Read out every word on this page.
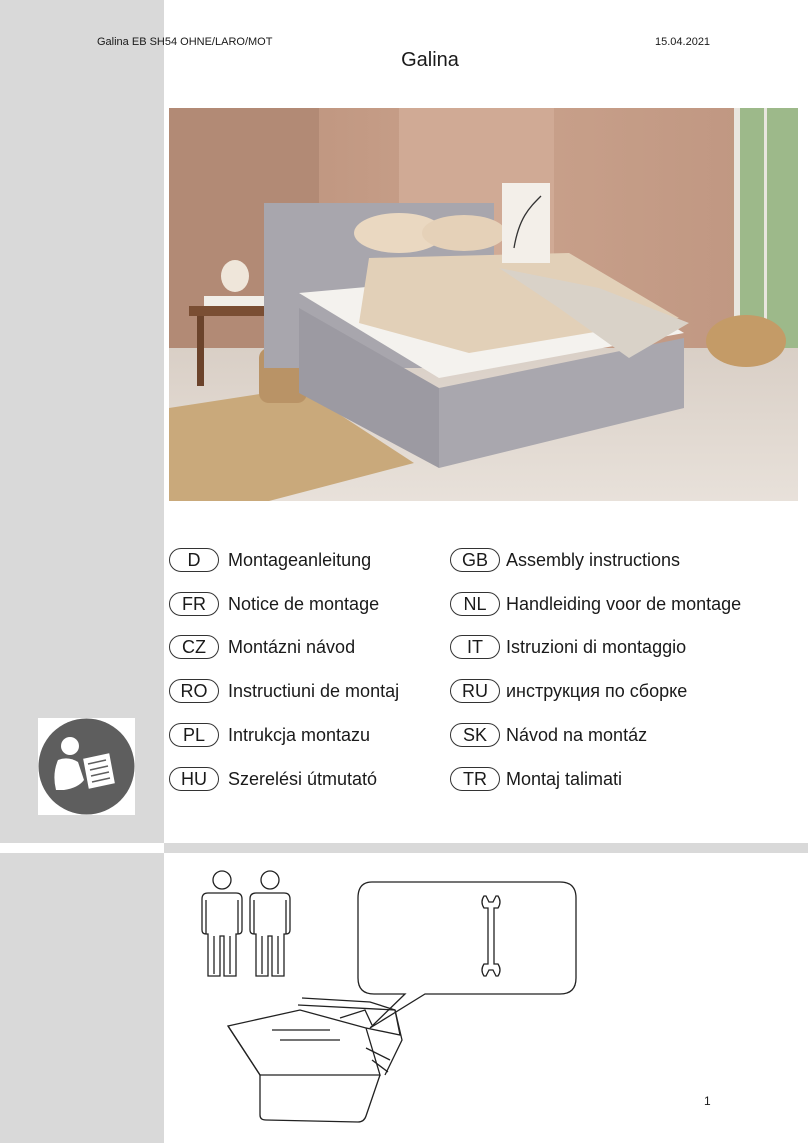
Galina EB SH54 OHNE/LARO/MOT	15.04.2021
Galina
D	Montageanleitung	GB	Assembly instructions
FR	Notice de montage	NL	Handleiding voor de montage
CZ	Montázni návod	IT	Istruzioni di montaggio
RO	Instructiuni de montaj	RU	инструкция по сборке
PL	Intrukcja montazu	SK	Návod na montáz
HU	Szerelési útmutató	TR	Montaj talimati
1
